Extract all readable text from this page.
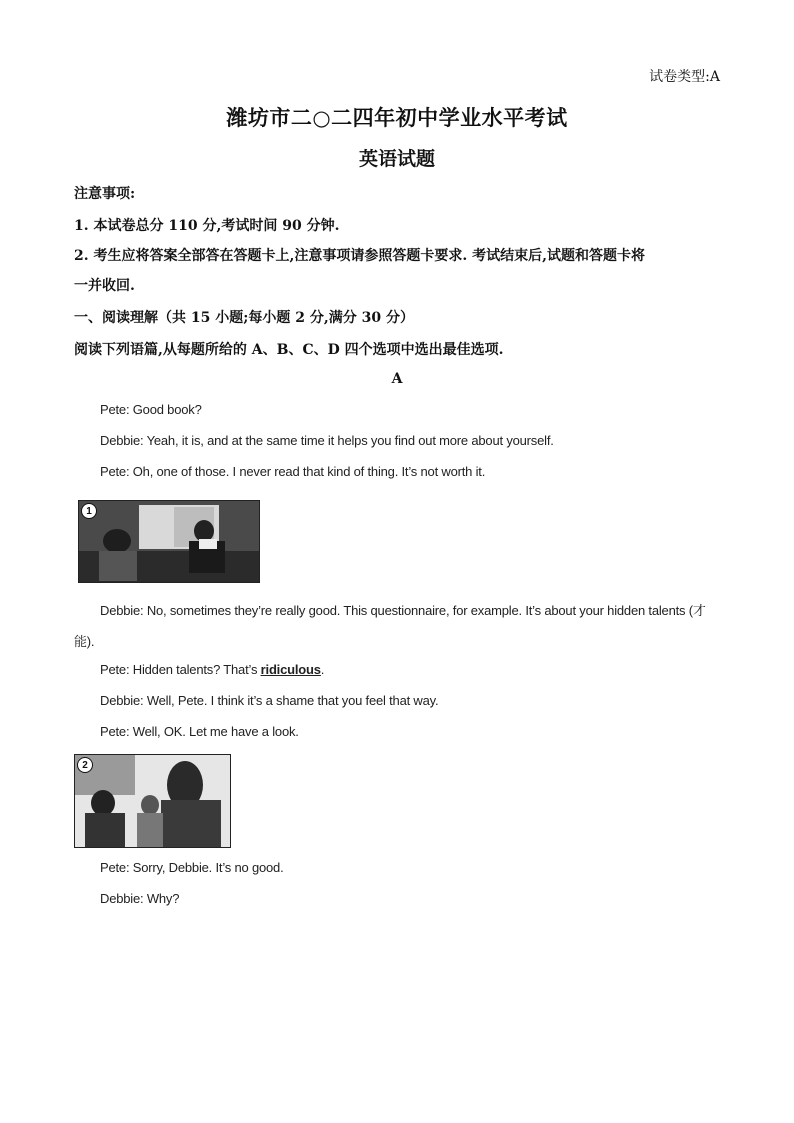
试卷类型:A
潍坊市二○二四年初中学业水平考试
英语试题
注意事项:
1. 本试卷总分 110 分,考试时间 90 分钟.
2. 考生应将答案全部答在答题卡上,注意事项请参照答题卡要求. 考试结束后,试题和答题卡将
一并收回.
一、阅读理解（共 15 小题;每小题 2 分,满分 30 分）
阅读下列语篇,从每题所给的 A、B、C、D 四个选项中选出最佳选项.
A
Pete: Good book?
Debbie: Yeah, it is, and at the same time it helps you find out more about yourself.
Pete: Oh, one of those. I never read that kind of thing. It’s not worth it.
1
Debbie: No, sometimes they’re really good. This questionnaire, for example. It’s about your hidden talents (才
能).
Pete: Hidden talents? That’s ridiculous.
Debbie: Well, Pete. I think it’s a shame that you feel that way.
Pete: Well, OK. Let me have a look.
2
Pete: Sorry, Debbie. It’s no good.
Debbie: Why?
